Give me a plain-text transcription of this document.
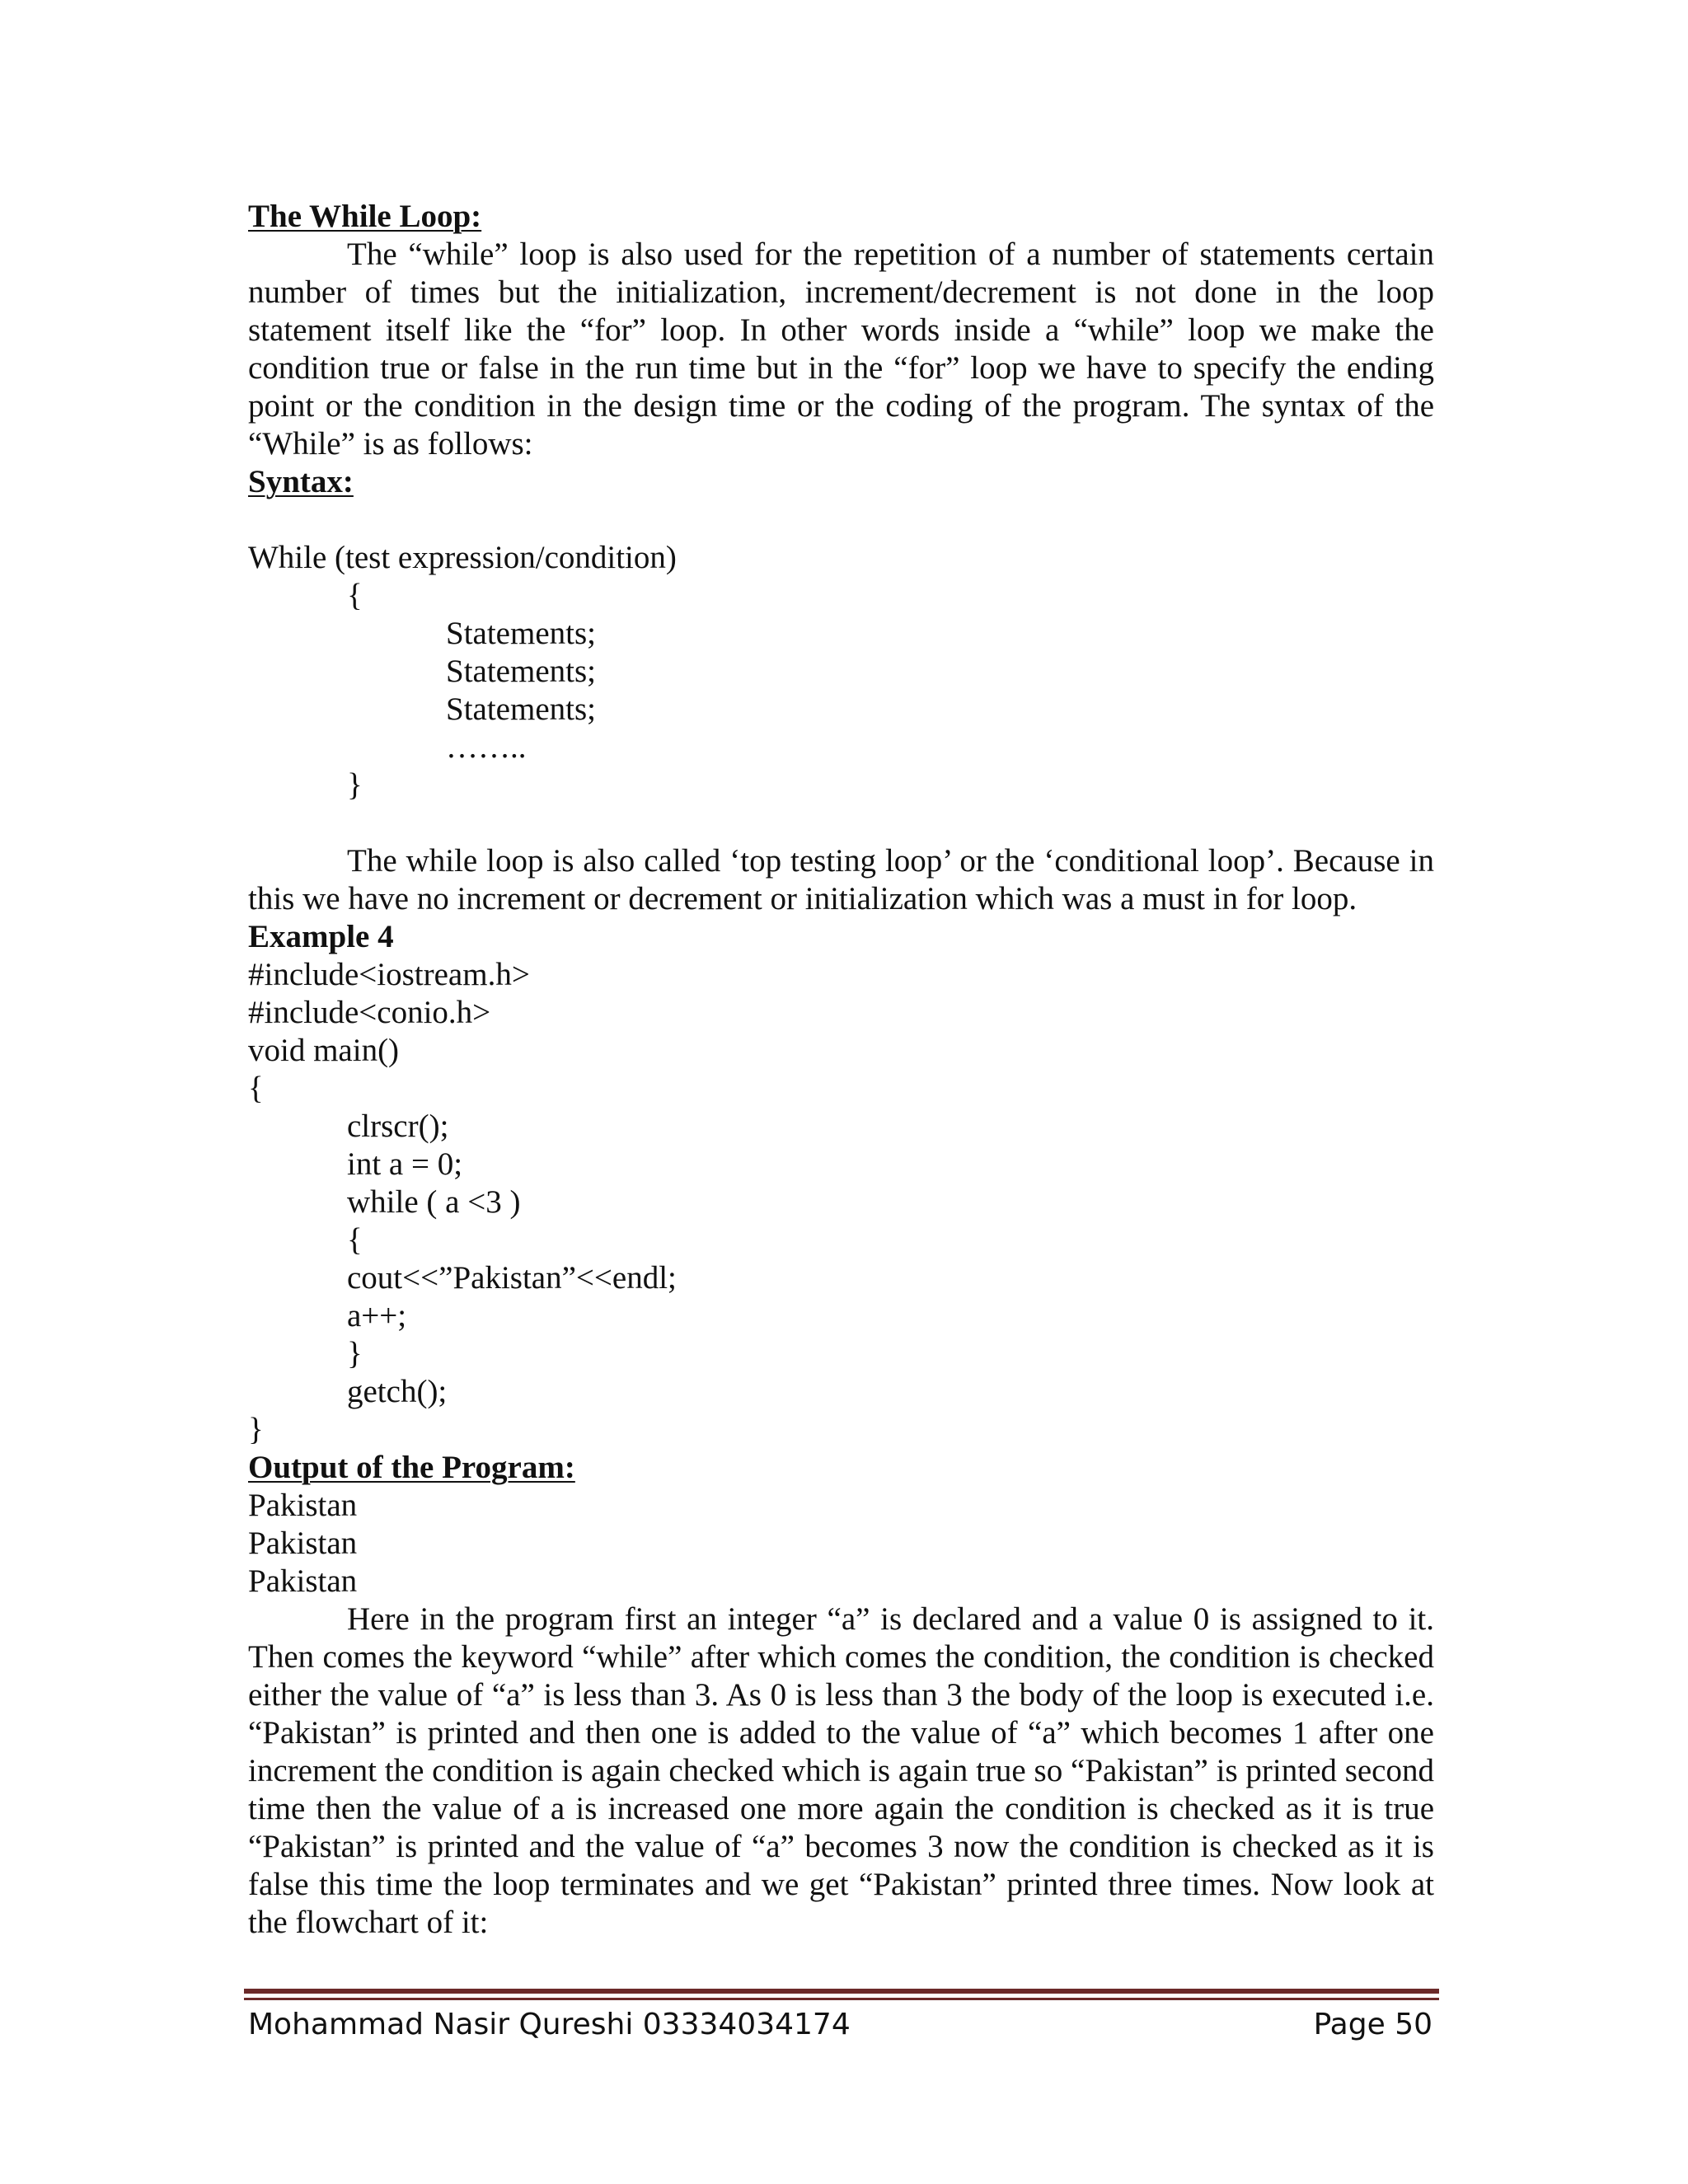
The While Loop:

The “while” loop is also used for the repetition of a number of statements certain number of times but the initialization, increment/decrement is not done in the loop statement itself like the “for” loop. In other words inside a “while” loop we make the condition true or false in the run time but in the “for” loop we have to specify the ending point or the condition in the design time or the coding of the program. The syntax of the “While” is as follows:

Syntax:
While (test expression/condition)
{
Statements;
Statements;
Statements;
……..
}

The while loop is also called ‘top testing loop’ or the ‘conditional loop’. Because in this we have no increment or decrement or initialization which was a must in for loop.

Example 4
#include<iostream.h>
#include<conio.h>
void main()
{
clrscr();
int a = 0;
while ( a <3 )
{
cout<<”Pakistan”<<endl;
a++;
}
getch();
}
Output of the Program:
Pakistan
Pakistan
Pakistan

Here in the program first an integer “a” is declared and a value 0 is assigned to it. Then comes the keyword “while” after which comes the condition, the condition is checked either the value of “a” is less than 3. As 0 is less than 3 the body of the loop is executed i.e. “Pakistan” is printed and then one is added to the value of “a” which becomes 1 after one increment the condition is again checked which is again true so “Pakistan” is printed second time then the value of a is increased one more again the condition is checked as it is true “Pakistan” is printed and the value of “a” becomes 3 now the condition is checked as it is false this time the loop terminates and we get “Pakistan” printed three times. Now look at the flowchart of it:

Mohammad Nasir Qureshi 03334034174	Page 50
